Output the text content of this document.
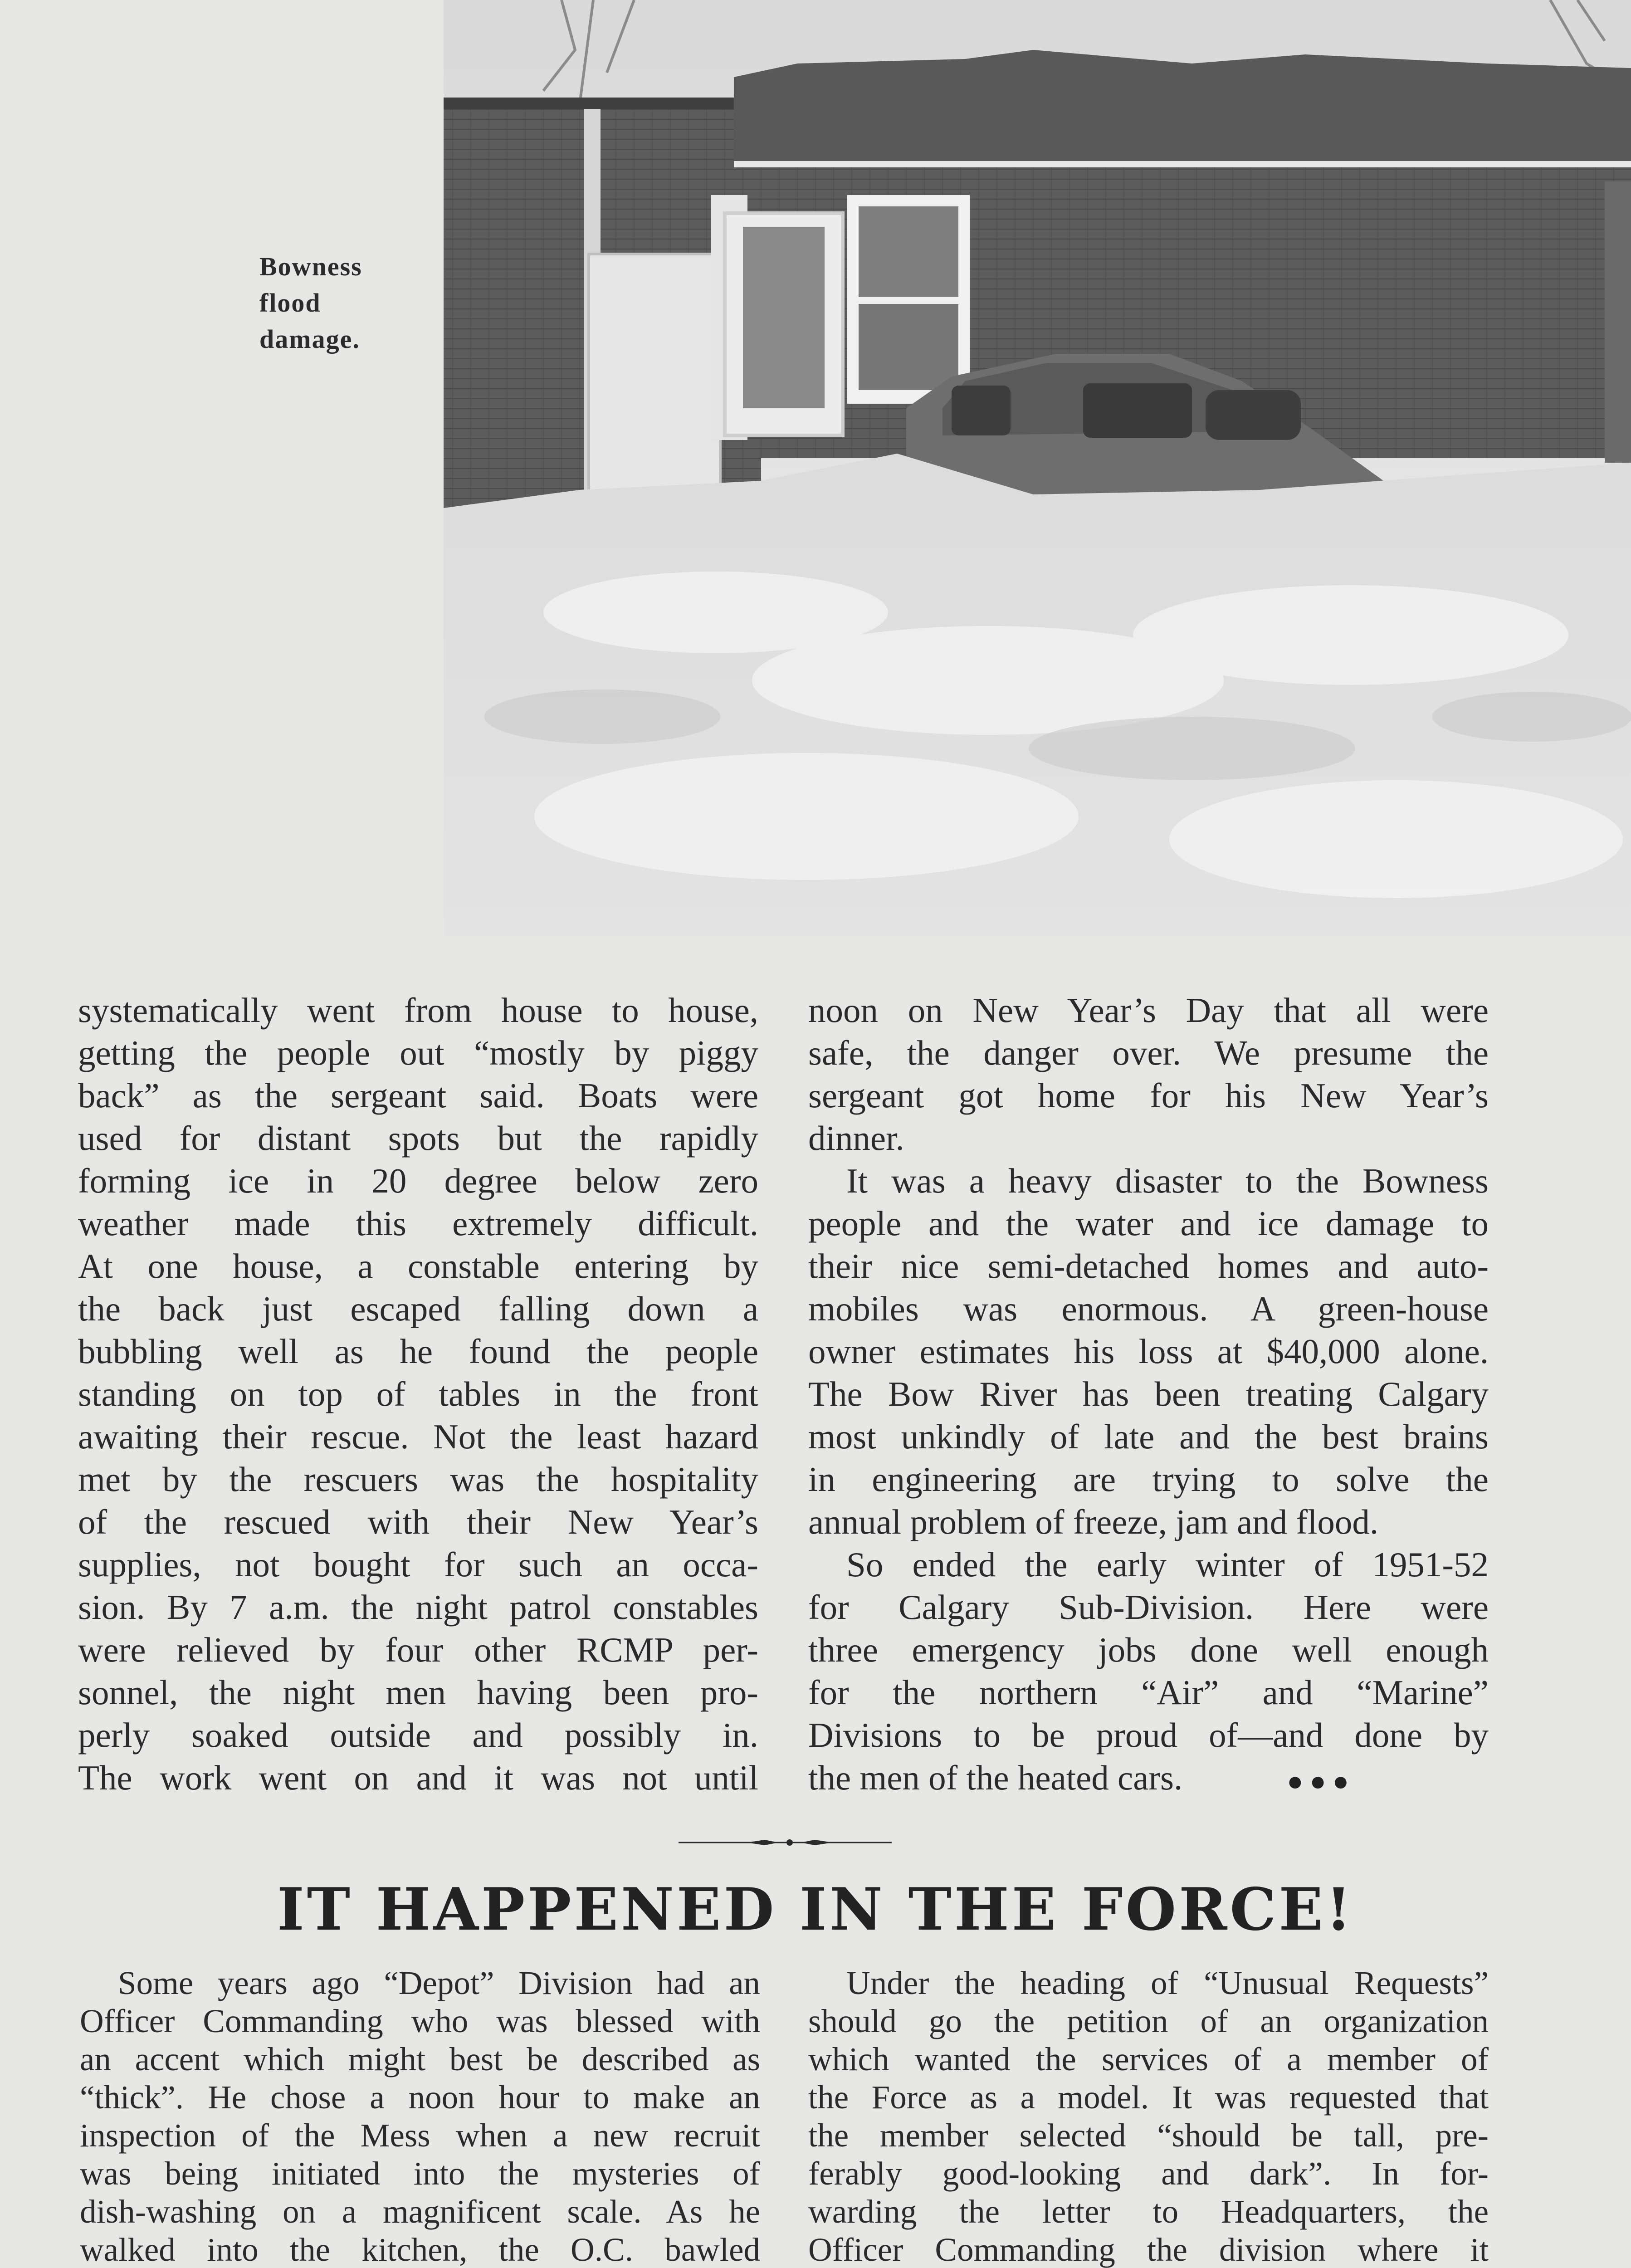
Bowness
flood
damage.

systematically went from house to house,

getting the people out “mostly by piggy

back” as the sergeant said. Boats were

used for distant spots but the rapidly

forming ice in 20 degree below zero

weather made this extremely difficult.

At one house, a constable entering by

the back just escaped falling down a

bubbling well as he found the people

standing on top of tables in the front

awaiting their rescue. Not the least hazard

met by the rescuers was the hospitality

of the rescued with their New Year’s

supplies, not bought for such an occa-

sion. By 7 a.m. the night patrol constables

were relieved by four other RCMP per-

sonnel, the night men having been pro-

perly soaked outside and possibly in.

The work went on and it was not until

noon on New Year’s Day that all were

safe, the danger over. We presume the

sergeant got home for his New Year’s

dinner.

It was a heavy disaster to the Bowness

people and the water and ice damage to

their nice semi-detached homes and auto-

mobiles was enormous. A green-house

owner estimates his loss at $40,000 alone.

The Bow River has been treating Calgary

most unkindly of late and the best brains

in engineering are trying to solve the

annual problem of freeze, jam and flood.

So ended the early winter of 1951-52

for Calgary Sub-Division. Here were

three emergency jobs done well enough

for the northern “Air” and “Marine”

Divisions to be proud of—and done by

the men of the heated cars.	●●●

IT HAPPENED IN THE FORCE!

Some years ago “Depot” Division had an

Officer Commanding who was blessed with

an accent which might best be described as

“thick”. He chose a noon hour to make an

inspection of the Mess when a new recruit

was being initiated into the mysteries of

dish-washing on a magnificent scale. As he

walked into the kitchen, the O.C. bawled

Under the heading of “Unusual Requests”

should go the petition of an organization

which wanted the services of a member of

the Force as a model. It was requested that

the member selected “should be tall, pre-

ferably good-looking and dark”. In for-

warding the letter to Headquarters, the

Officer Commanding the division where it
